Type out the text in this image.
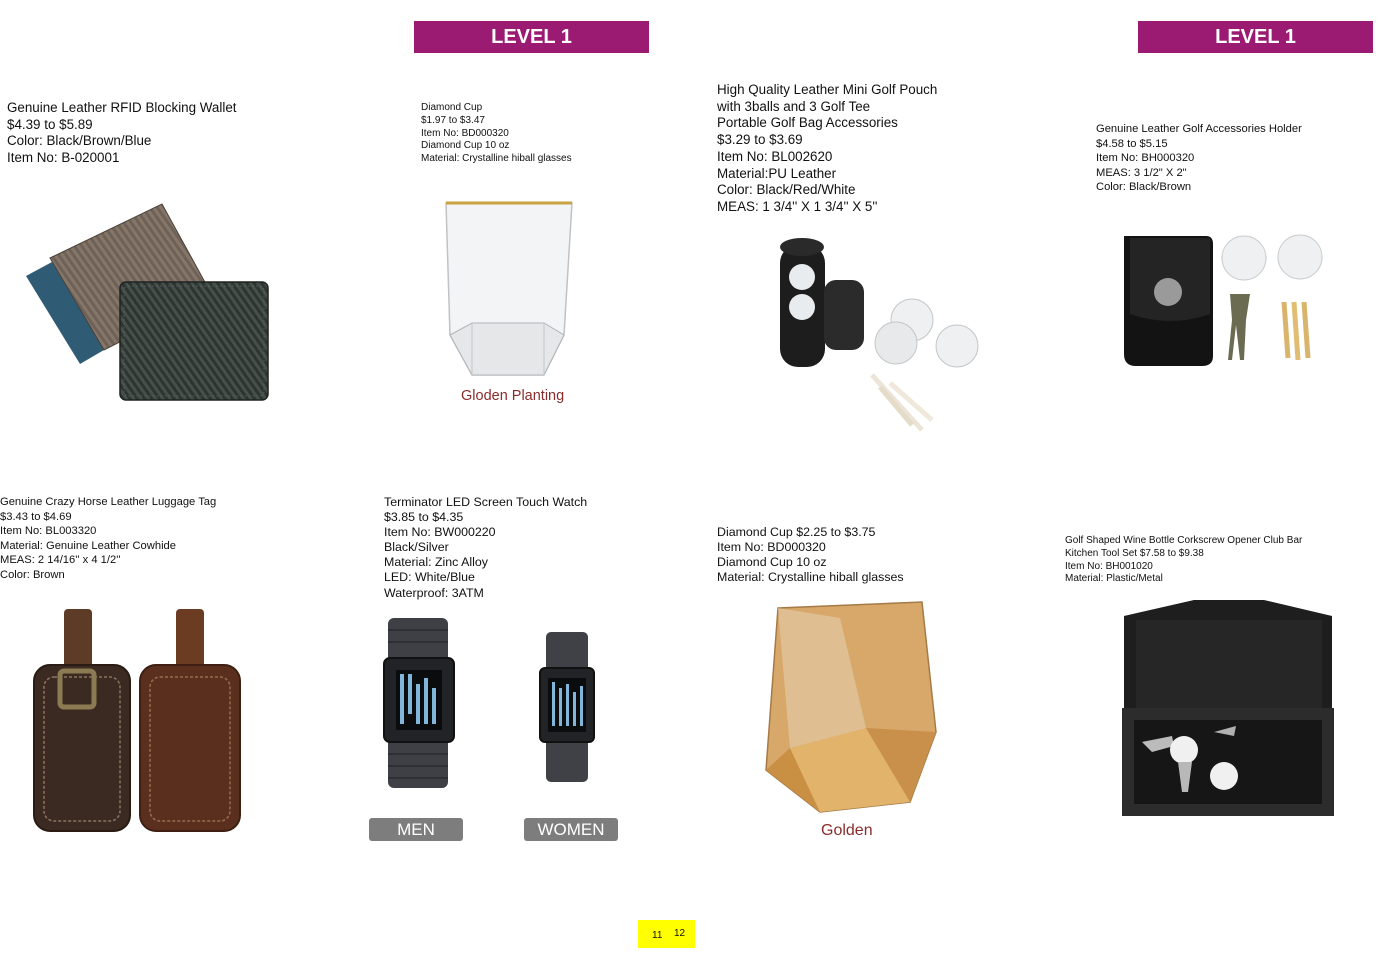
LEVEL 1	LEVEL 1
Genuine Leather RFID Blocking Wallet
$4.39 to $5.89
Color: Black/Brown/Blue
Item No: B-020001
Diamond Cup
$1.97 to $3.47
Item No: BD000320
Diamond Cup 10 oz
Material: Crystalline hiball glasses
High Quality Leather Mini Golf Pouch
with 3balls and 3 Golf Tee
Portable Golf Bag Accessories
$3.29 to $3.69
Item No: BL002620
Material:PU Leather
Color: Black/Red/White
MEAS: 1 3/4'' X 1 3/4'' X 5''
Genuine Leather Golf Accessories Holder
$4.58 to $5.15
Item No: BH000320
MEAS: 3 1/2" X 2"
Color: Black/Brown
Genuine Crazy Horse Leather Luggage Tag
$3.43 to $4.69
Item No: BL003320
Material: Genuine Leather Cowhide
MEAS: 2 14/16'' x 4 1/2''
Color: Brown
Terminator LED Screen Touch Watch
$3.85 to $4.35
Item No: BW000220
Black/Silver
Material: Zinc Alloy
LED: White/Blue
Waterproof: 3ATM
Diamond Cup $2.25 to $3.75
Item No: BD000320
Diamond Cup 10 oz
Material: Crystalline hiball glasses
Golf Shaped Wine Bottle Corkscrew Opener Club Bar
Kitchen Tool Set $7.58 to $9.38
Item No: BH001020
Material: Plastic/Metal
Gloden Planting
MEN	WOMEN	Golden
11 12
